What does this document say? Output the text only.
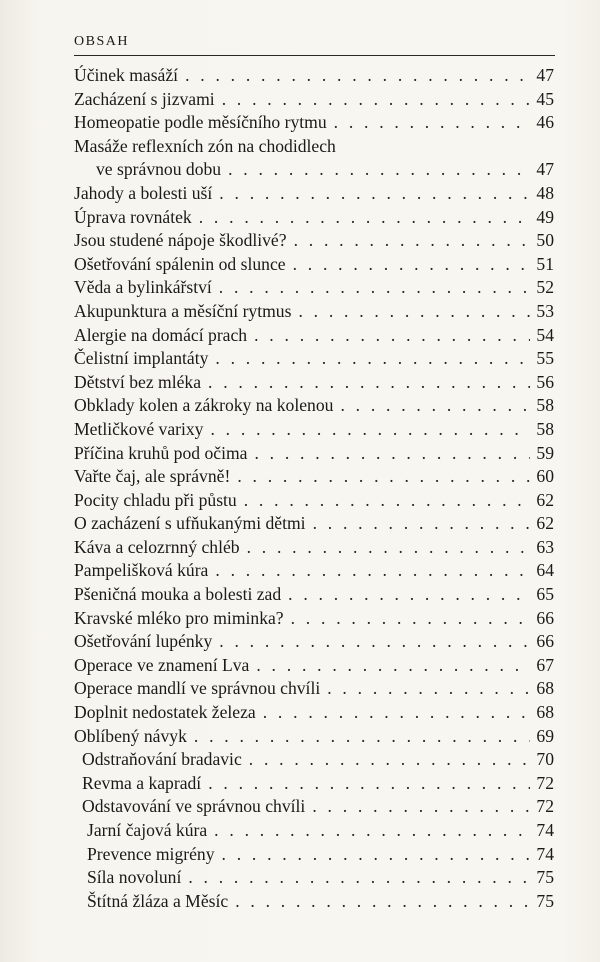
OBSAH
Účinek masáží . . .	47
Zacházení s jizvami . . .	45
Homeopatie podle měsíčního rytmu . . .	46
Masáže reflexních zón na chodidlech
ve správnou dobu . . .	47
Jahody a bolesti uší . . .	48
Úprava rovnátek . . .	49
Jsou studené nápoje škodlivé? . . .	50
Ošetřování spálenin od slunce . . .	51
Věda a bylinkářství . . .	52
Akupunktura a měsíční rytmus . . .	53
Alergie na domácí prach . . .	54
Čelistní implantáty . . .	55
Dětství bez mléka . . .	56
Obklady kolen a zákroky na kolenou . . .	58
Metličkové varixy . . .	58
Příčina kruhů pod očima . . .	59
Vařte čaj, ale správně! . . .	60
Pocity chladu při půstu . . .	62
O zacházení s ufňukanými dětmi . . .	62
Káva a celozrnný chléb . . .	63
Pampelišková kúra . . .	64
Pšeničná mouka a bolesti zad . . .	65
Kravské mléko pro miminka? . . .	66
Ošetřování lupénky . . .	66
Operace ve znamení Lva . . .	67
Operace mandlí ve správnou chvíli . . .	68
Doplnit nedostatek železa . . .	68
Oblíbený návyk . . .	69
Odstraňování bradavic . . .	70
Revma a kapradí . . .	72
Odstavování ve správnou chvíli . . .	72
Jarní čajová kúra . . .	74
Prevence migrény . . .	74
Síla novoluní . . .	75
Štítná žláza a Měsíc . . .	75
